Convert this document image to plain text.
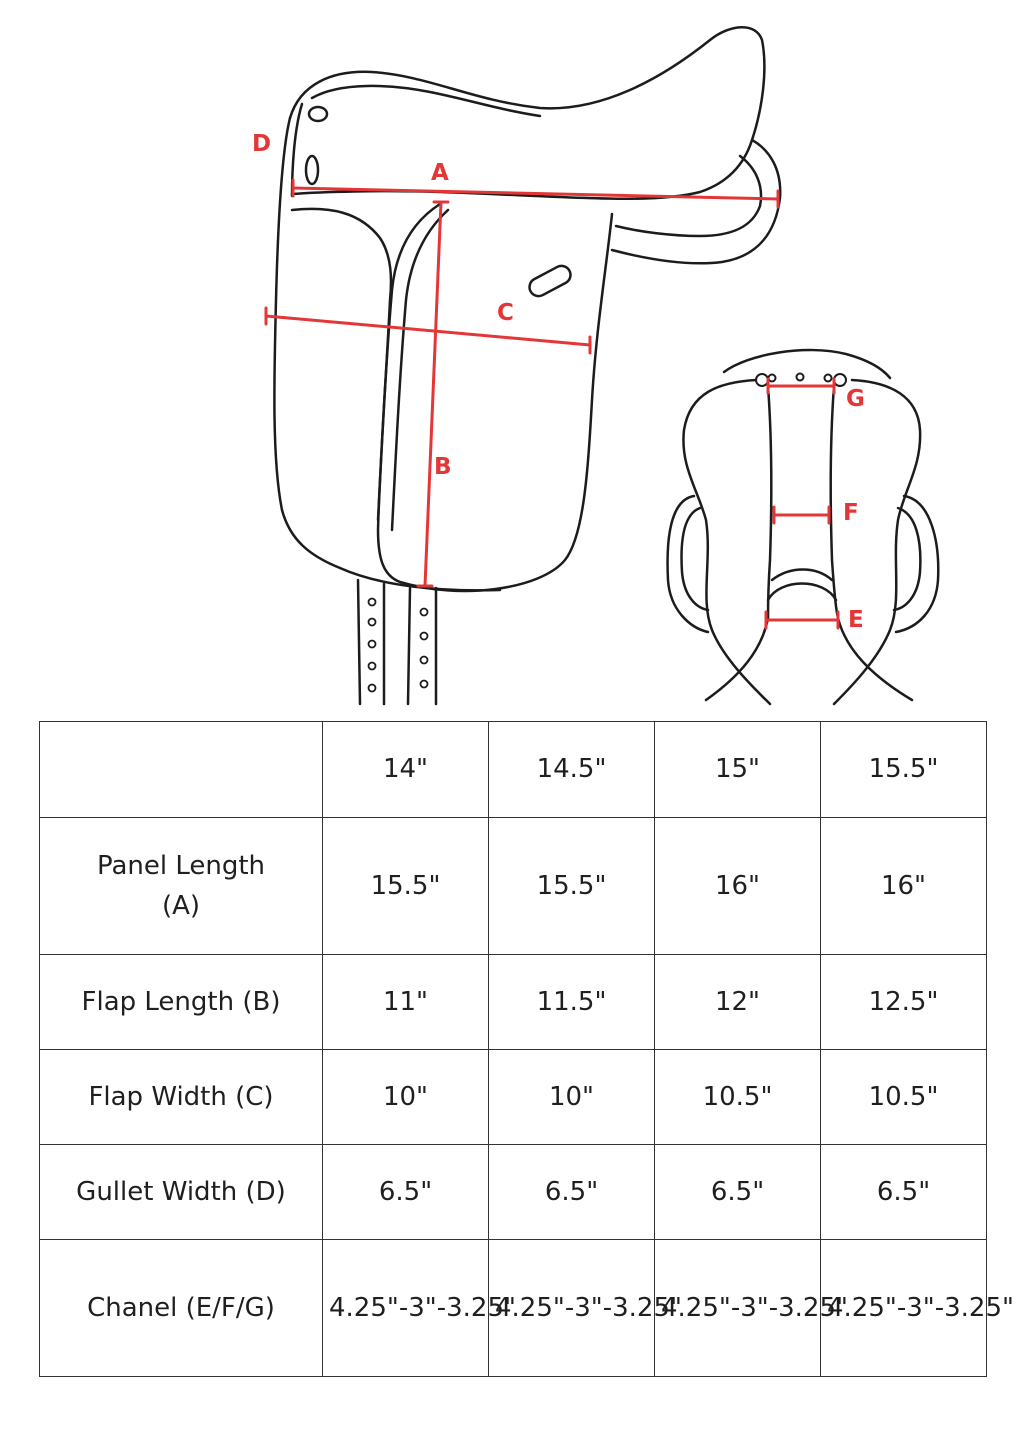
D
A
C
B
G
F
E
	14"	14.5"	15"	15.5"
Panel Length (A)	15.5"	15.5"	16"	16"
Flap Length (B)	11"	11.5"	12"	12.5"
Flap Width (C)	10"	10"	10.5"	10.5"
Gullet Width (D)	6.5"	6.5"	6.5"	6.5"
Chanel (E/F/G)	4.25"-3"-3.25"	4.25"-3"-3.25"	4.25"-3"-3.25"	4.25"-3"-3.25"
